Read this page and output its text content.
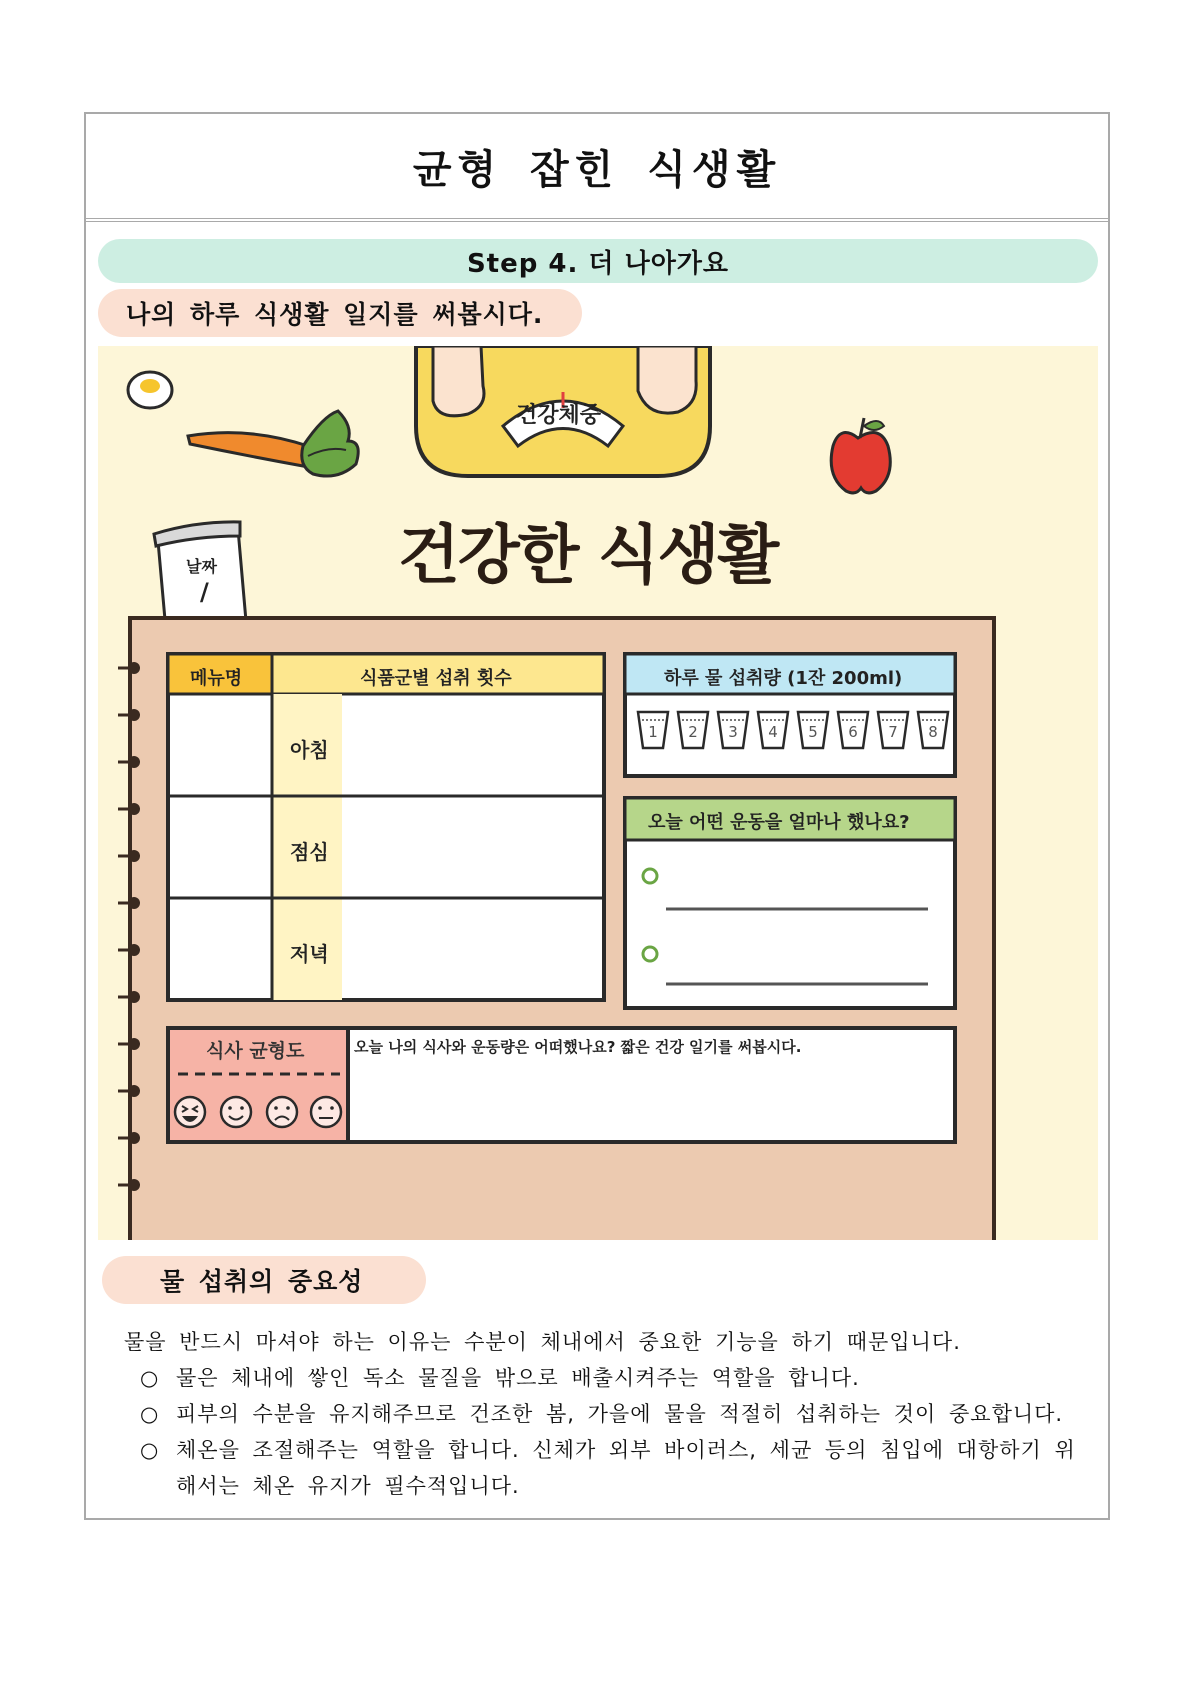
균형 잡힌 식생활
Step 4. 더 나아가요
나의 하루 식생활 일지를 써봅시다.
건강체중
건강한 식생활
날짜
/
메뉴명	식품군별 섭취 횟수
아침
점심
저녁
하루 물 섭취량 (1잔 200ml)
오늘 어떤 운동을 얼마나 했나요?
식사 균형도	오늘 나의 식사와 운동량은 어떠했나요? 짧은 건강 일기를 써봅시다.
1	2	3	4	5	6	7	8
물 섭취의 중요성

물을 반드시 마셔야 하는 이유는 수분이 체내에서 중요한 기능을 하기 때문입니다.

○ 물은 체내에 쌓인 독소 물질을 밖으로 배출시켜주는 역할을 합니다.
○ 피부의 수분을 유지해주므로 건조한 봄, 가을에 물을 적절히 섭취하는 것이 중요합니다.
○ 체온을 조절해주는 역할을 합니다. 신체가 외부 바이러스, 세균 등의 침입에 대항하기 위해서는 체온 유지가 필수적입니다.
